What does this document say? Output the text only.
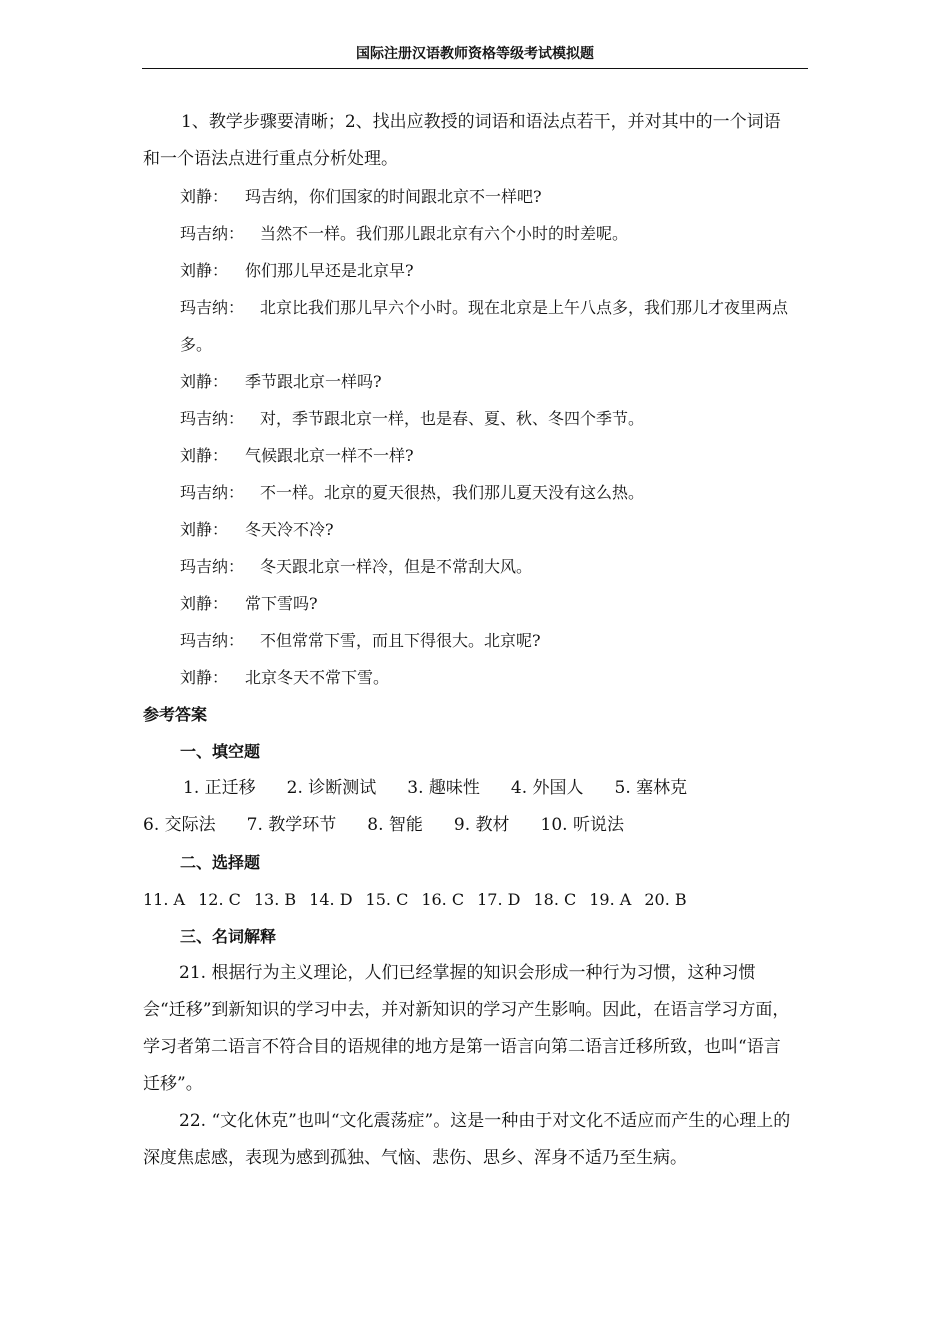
国际注册汉语教师资格等级考试模拟题

1、教学步骤要清晰；2、找出应教授的词语和语法点若干，并对其中的一个词语和一个语法点进行重点分析处理。

刘静： 玛吉纳，你们国家的时间跟北京不一样吧?
玛吉纳： 当然不一样。我们那儿跟北京有六个小时的时差呢。
刘静： 你们那儿早还是北京早?
玛吉纳： 北京比我们那儿早六个小时。现在北京是上午八点多，我们那儿才夜里两点多。
刘静： 季节跟北京一样吗?
玛吉纳： 对，季节跟北京一样，也是春、夏、秋、冬四个季节。
刘静： 气候跟北京一样不一样?
玛吉纳： 不一样。北京的夏天很热，我们那儿夏天没有这么热。
刘静： 冬天冷不冷?
玛吉纳： 冬天跟北京一样冷，但是不常刮大风。
刘静： 常下雪吗?
玛吉纳： 不但常常下雪，而且下得很大。北京呢?
刘静： 北京冬天不常下雪。
参考答案
一、填空题
1. 正迁移 2. 诊断测试 3. 趣味性 4. 外国人 5. 塞林克
6. 交际法 7. 教学环节 8. 智能 9. 教材 10. 听说法
二、选择题
11. A 12. C 13. B 14. D 15. C 16. C 17. D 18. C 19. A 20. B
三、名词解释

21. 根据行为主义理论，人们已经掌握的知识会形成一种行为习惯，这种习惯会“迁移”到新知识的学习中去，并对新知识的学习产生影响。因此，在语言学习方面，学习者第二语言不符合目的语规律的地方是第一语言向第二语言迁移所致，也叫“语言迁移”。

22. “文化休克”也叫“文化震荡症”。这是一种由于对文化不适应而产生的心理上的深度焦虑感，表现为感到孤独、气恼、悲伤、思乡、浑身不适乃至生病。
